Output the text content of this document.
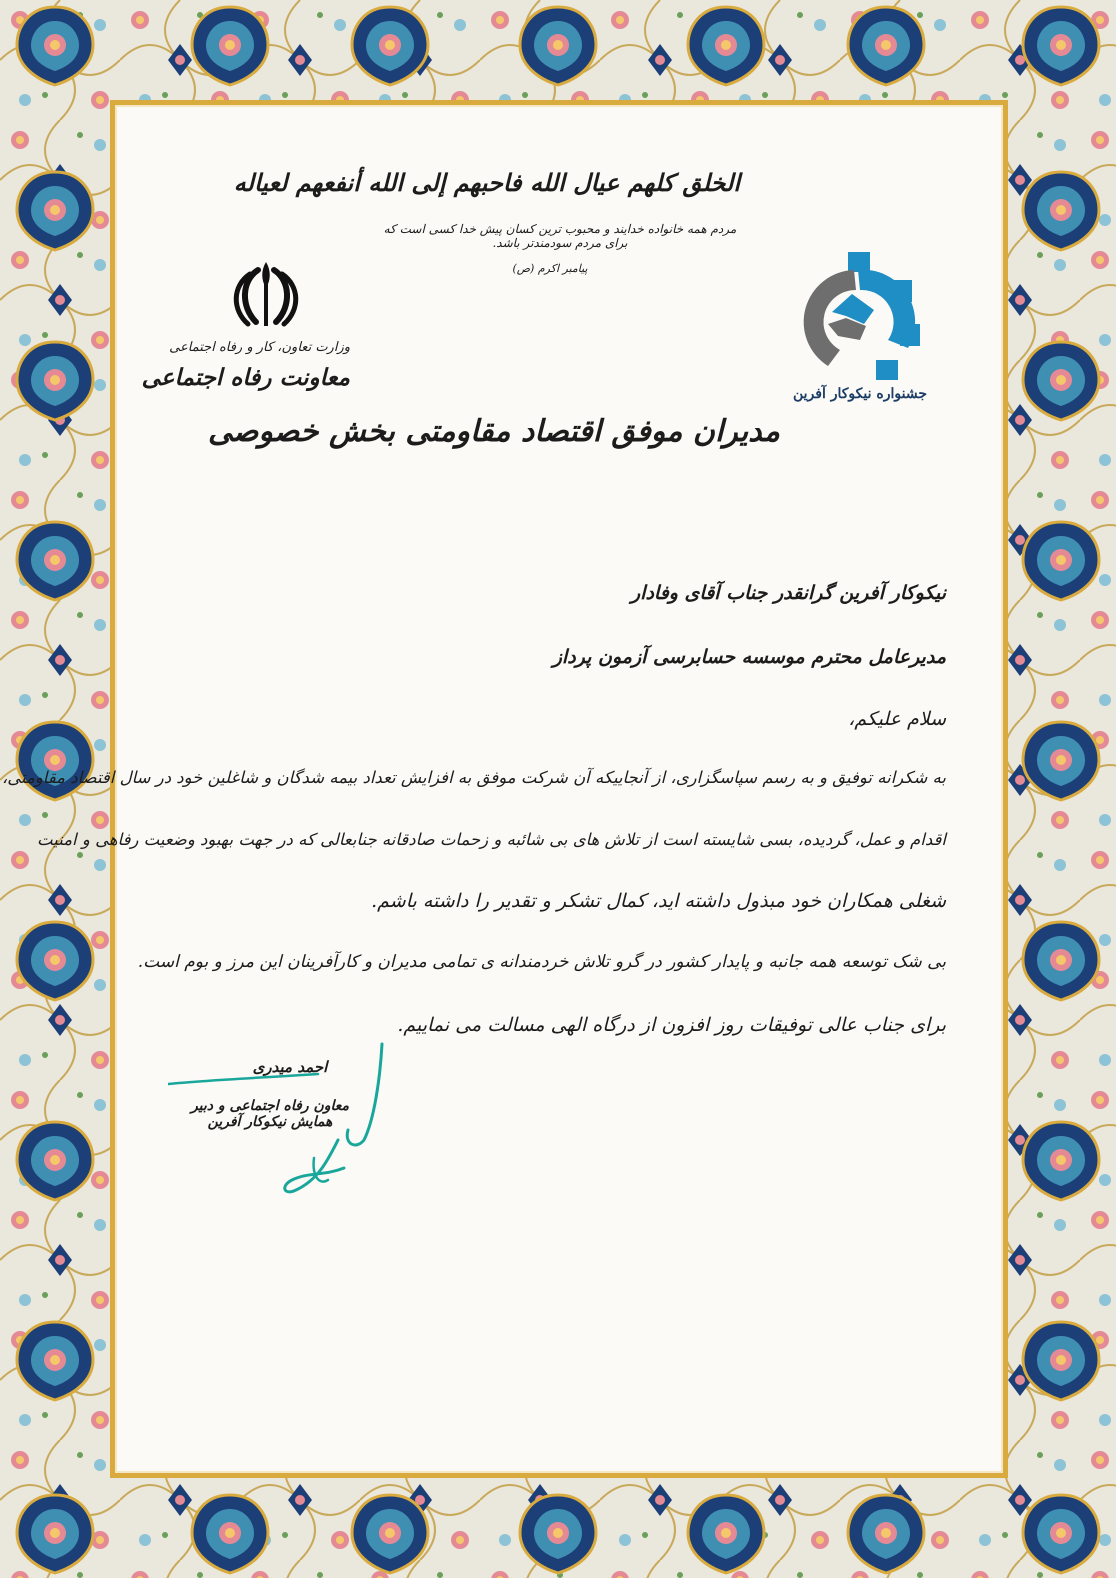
الخلق کلهم عیال الله فاحبهم إلی الله أنفعهم لعیاله
مردم همه خانواده خدایند و محبوب ترین کسان پیش خدا کسی است که برای مردم سودمندتر باشد.
پیامبر اکرم (ص)
وزارت تعاون، کار و رفاه اجتماعی
معاونت رفاه اجتماعی
جشنواره نیکوکار آفرین
مدیران موفق اقتصاد مقاومتی بخش خصوصی
نیکوکار آفرین گرانقدر جناب آقای وفادار
مدیرعامل محترم موسسه حسابرسی آزمون پرداز
سلام علیکم،
به شکرانه توفیق و به رسم سپاسگزاری، از آنجاییکه آن شرکت موفق به افزایش تعداد بیمه شدگان و شاغلین خود در سال اقتصاد مقاومتی،
اقدام و عمل، گردیده، بسی شایسته است از تلاش های بی شائبه و زحمات صادقانه جنابعالی که در جهت بهبود وضعیت رفاهی و امنیت
شغلی همکاران خود مبذول داشته اید، کمال تشکر و تقدیر را داشته باشم.
بی شک توسعه همه جانبه و پایدار کشور در گرو تلاش خردمندانه ی تمامی مدیران و کارآفرینان این مرز و بوم است.
برای جناب عالی توفیقات روز افزون از درگاه الهی مسالت می نماییم.
احمد میدری
معاون رفاه اجتماعی و دبیر همایش نیکوکار آفرین
